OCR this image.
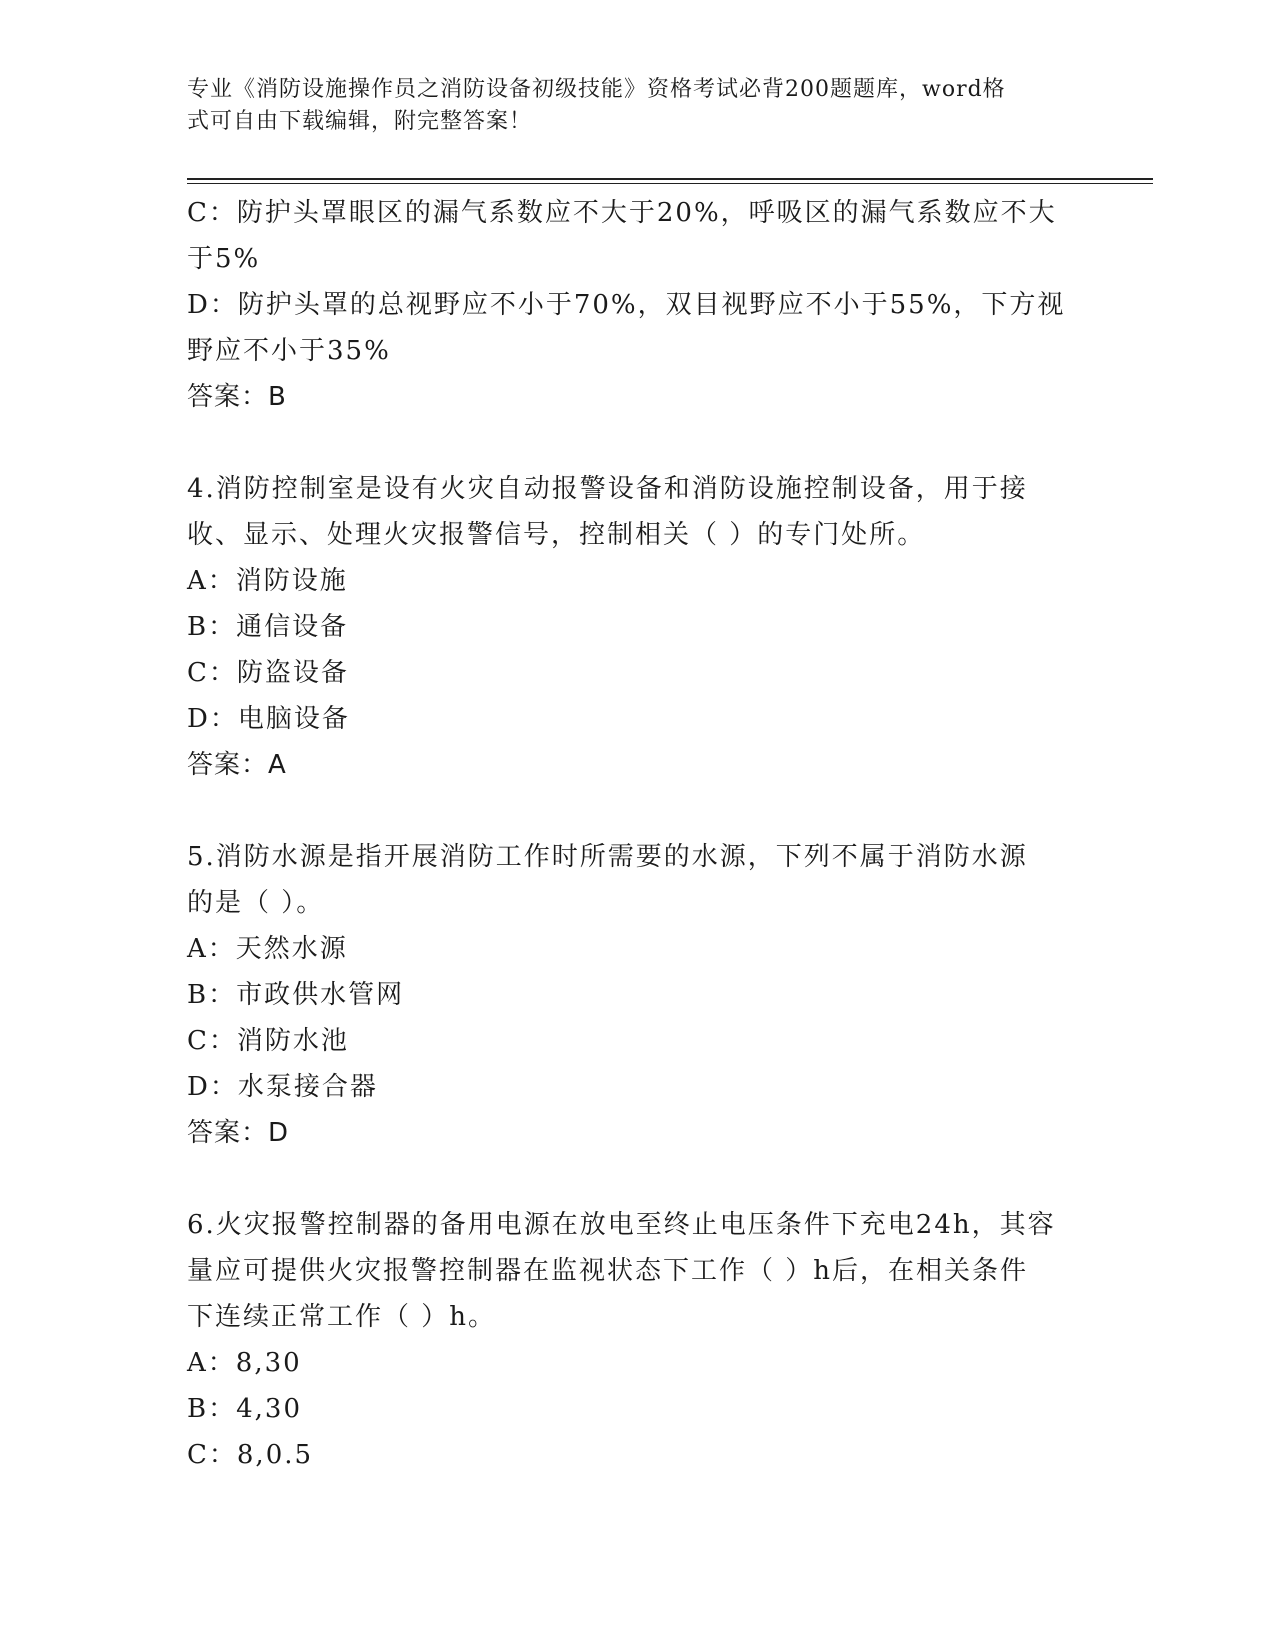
专业《消防设施操作员之消防设备初级技能》资格考试必背200题题库，word格
式可自由下载编辑，附完整答案！
C：防护头罩眼区的漏气系数应不大于20%，呼吸区的漏气系数应不大
于5%
D：防护头罩的总视野应不小于70%，双目视野应不小于55%，下方视
野应不小于35%
答案：B
4.消防控制室是设有火灾自动报警设备和消防设施控制设备，用于接
收、显示、处理火灾报警信号，控制相关（ ）的专门处所。
A：消防设施
B：通信设备
C：防盗设备
D：电脑设备
答案：A
5.消防水源是指开展消防工作时所需要的水源，下列不属于消防水源
的是（ ）。
A：天然水源
B：市政供水管网
C：消防水池
D：水泵接合器
答案：D
6.火灾报警控制器的备用电源在放电至终止电压条件下充电24h，其容
量应可提供火灾报警控制器在监视状态下工作（ ）h后，在相关条件
下连续正常工作（ ）h。
A：8,30
B：4,30
C：8,0.5
